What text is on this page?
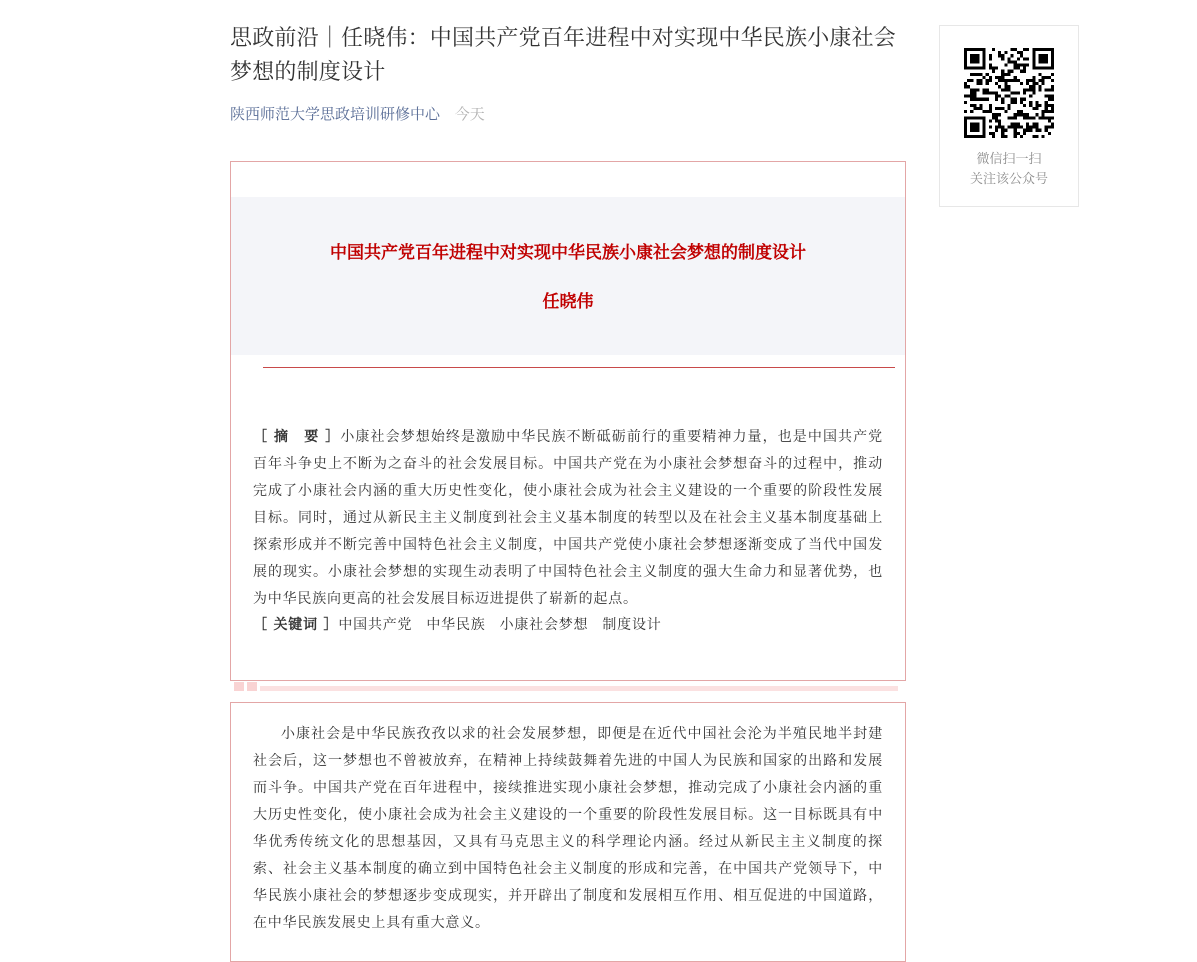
思政前沿｜任晓伟：中国共产党百年进程中对实现中华民族小康社会梦想的制度设计
陕西师范大学思政培训研修中心 今天
中国共产党百年进程中对实现中华民族小康社会梦想的制度设计
任晓伟
［ 摘　要 ］小康社会梦想始终是激励中华民族不断砥砺前行的重要精神力量，也是中国共产党百年斗争史上不断为之奋斗的社会发展目标。中国共产党在为小康社会梦想奋斗的过程中，推动完成了小康社会内涵的重大历史性变化，使小康社会成为社会主义建设的一个重要的阶段性发展目标。同时，通过从新民主主义制度到社会主义基本制度的转型以及在社会主义基本制度基础上探索形成并不断完善中国特色社会主义制度，中国共产党使小康社会梦想逐渐变成了当代中国发展的现实。小康社会梦想的实现生动表明了中国特色社会主义制度的强大生命力和显著优势，也为中华民族向更高的社会发展目标迈进提供了崭新的起点。
［ 关键词 ］中国共产党 中华民族 小康社会梦想 制度设计
小康社会是中华民族孜孜以求的社会发展梦想，即便是在近代中国社会沦为半殖民地半封建社会后，这一梦想也不曾被放弃，在精神上持续鼓舞着先进的中国人为民族和国家的出路和发展而斗争。中国共产党在百年进程中，接续推进实现小康社会梦想，推动完成了小康社会内涵的重大历史性变化，使小康社会成为社会主义建设的一个重要的阶段性发展目标。这一目标既具有中华优秀传统文化的思想基因，又具有马克思主义的科学理论内涵。经过从新民主主义制度的探索、社会主义基本制度的确立到中国特色社会主义制度的形成和完善，在中国共产党领导下，中华民族小康社会的梦想逐步变成现实，并开辟出了制度和发展相互作用、相互促进的中国道路，在中华民族发展史上具有重大意义。
微信扫一扫
关注该公众号
